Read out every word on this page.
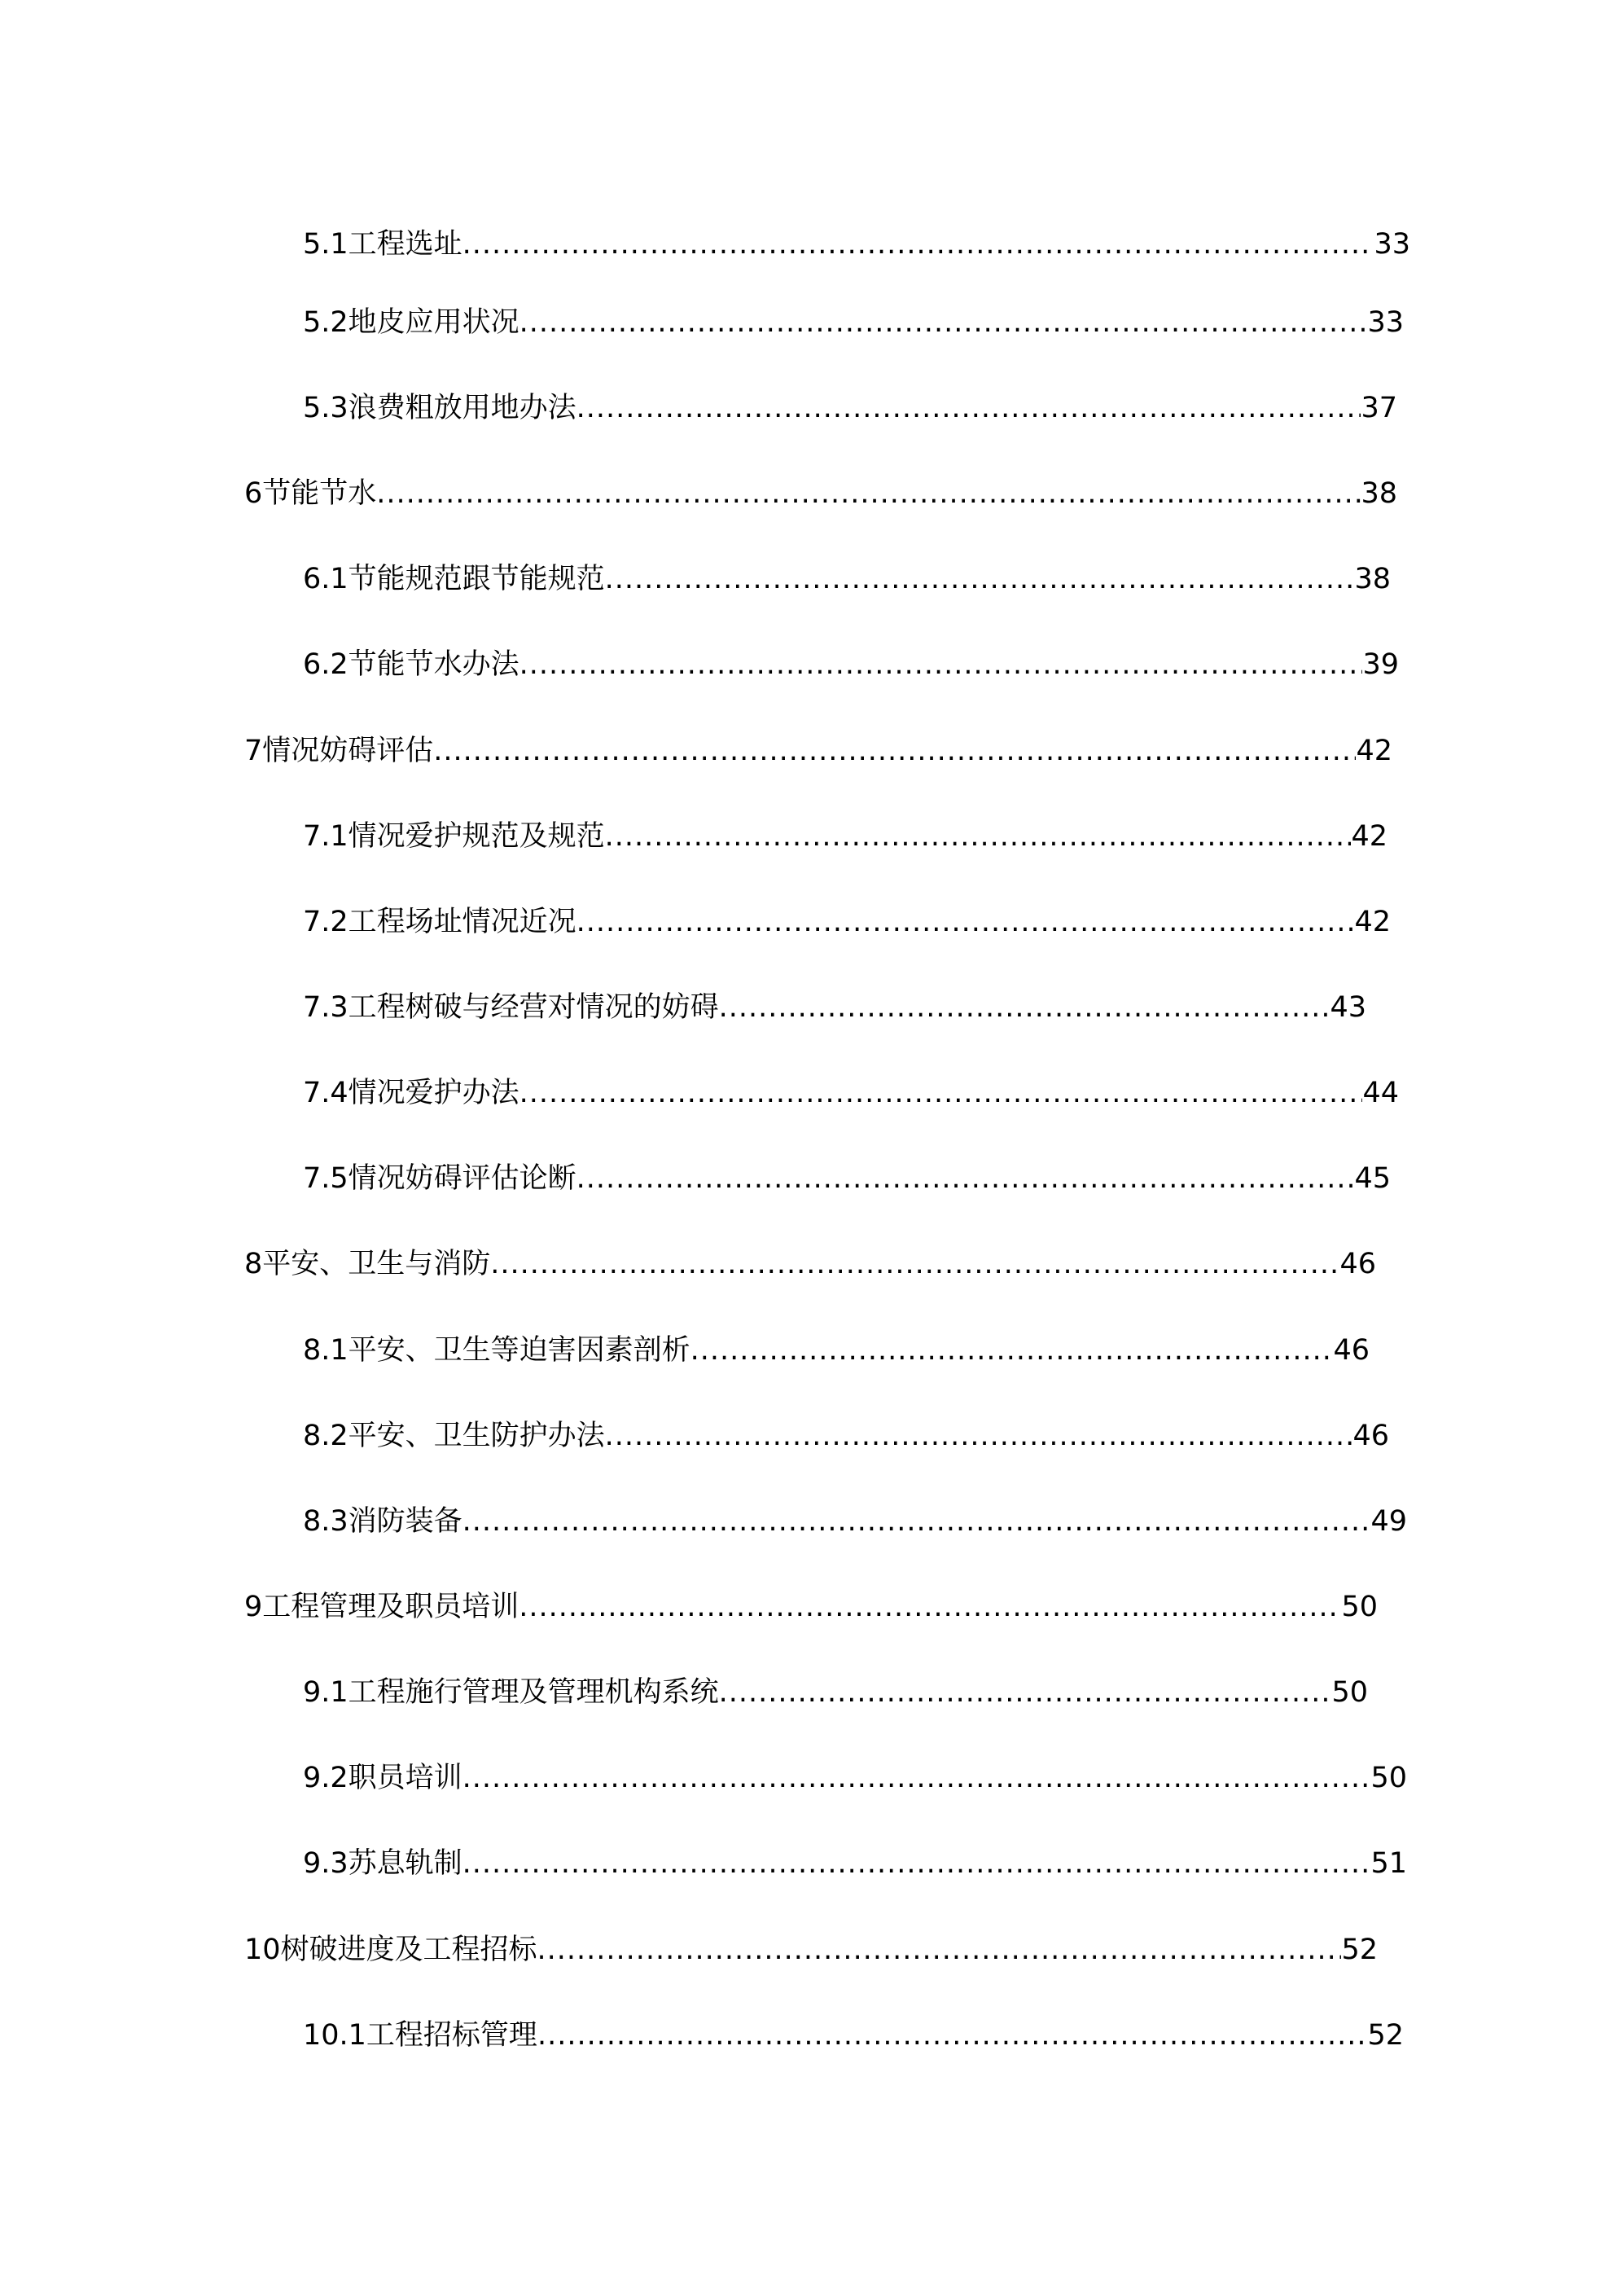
5.1工程选址 .....	33
5.2地皮应用状况 .....	33
5.3浪费粗放用地办法 .....	37
6节能节水 .....	38
6.1节能规范跟节能规范 .....	38
6.2节能节水办法 .....	39
7情况妨碍评估 .....	42
7.1情况爱护规范及规范 .....	42
7.2工程场址情况近况 .....	42
7.3工程树破与经营对情况的妨碍 .....	43
7.4情况爱护办法 .....	44
7.5情况妨碍评估论断 .....	45
8平安、卫生与消防 .....	46
8.1平安、卫生等迫害因素剖析 .....	46
8.2平安、卫生防护办法 .....	46
8.3消防装备 .....	49
9工程管理及职员培训 .....	50
9.1工程施行管理及管理机构系统 .....	50
9.2职员培训 .....	50
9.3苏息轨制 .....	51
10树破进度及工程招标 .....	52
10.1工程招标管理 .....	52
